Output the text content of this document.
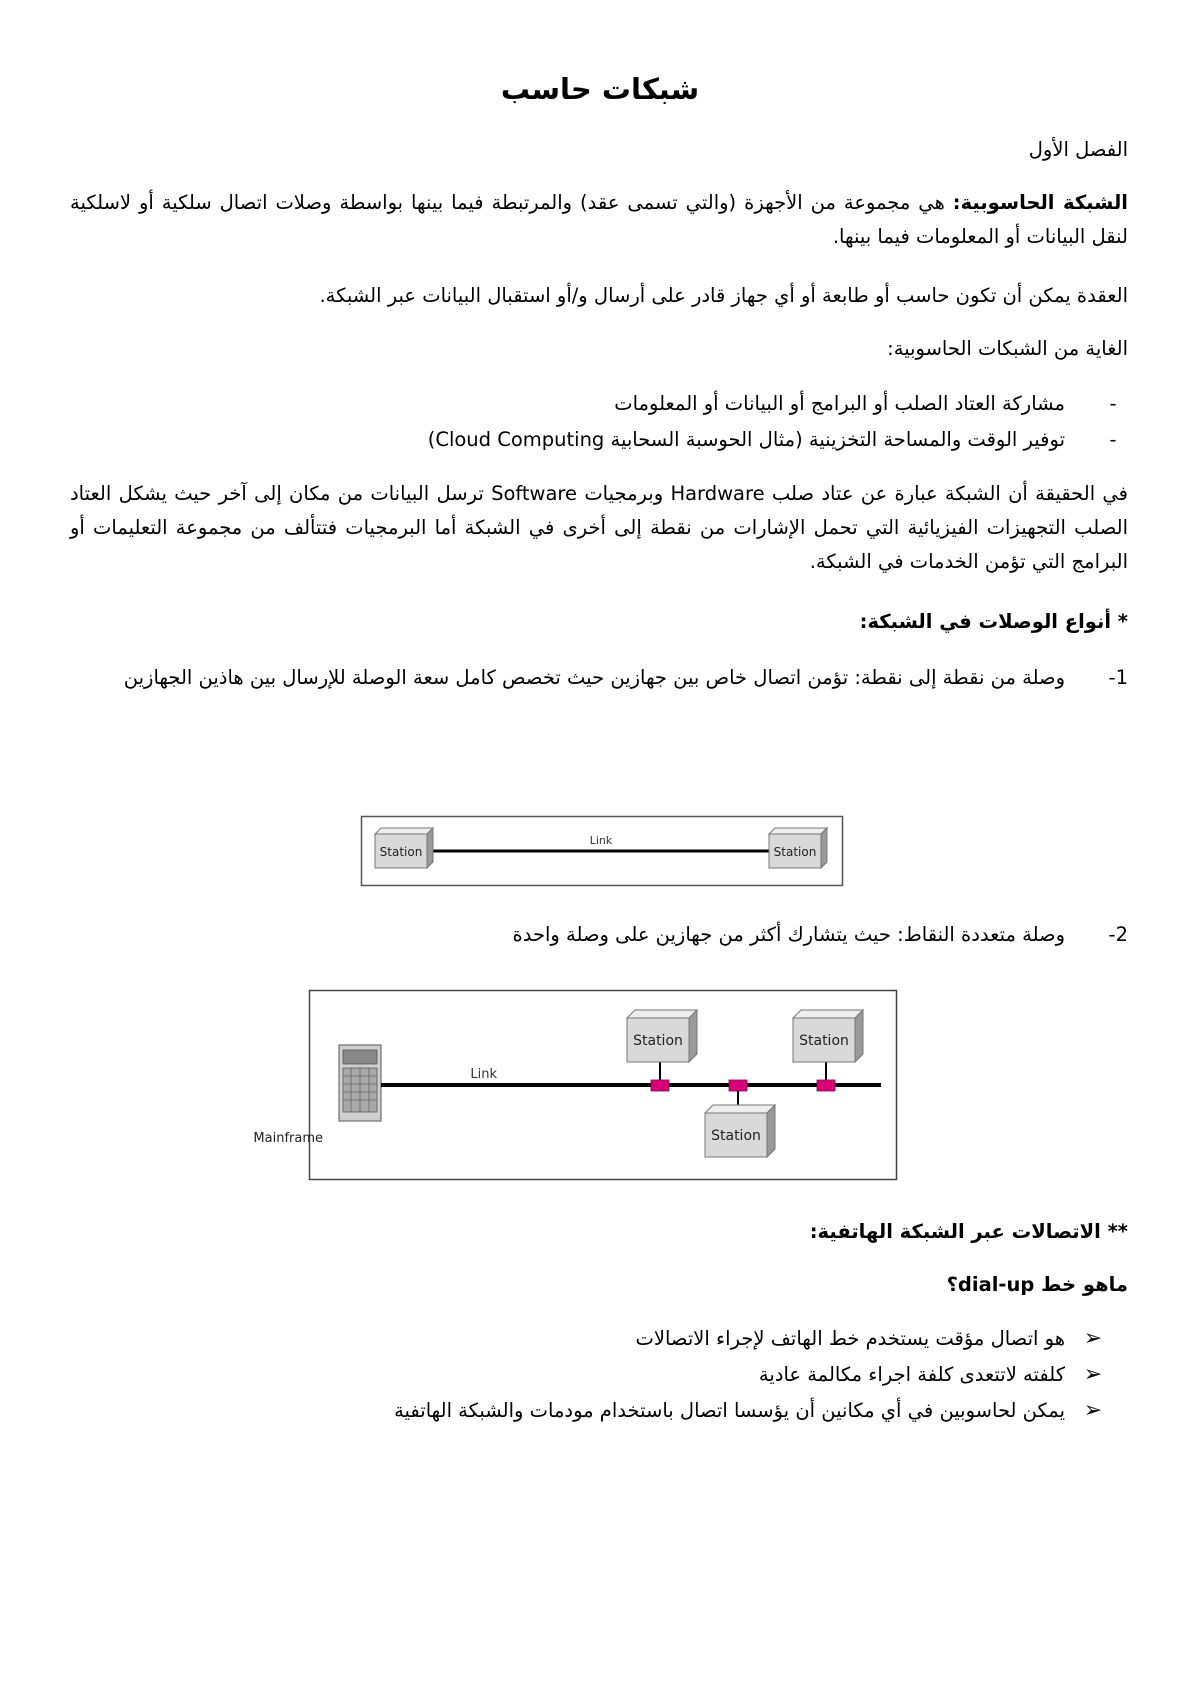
شبكات حاسب

الفصل الأول

الشبكة الحاسوبية: هي مجموعة من الأجهزة (والتي تسمى عقد) والمرتبطة فيما بينها بواسطة وصلات اتصال سلكية أو لاسلكية لنقل البيانات أو المعلومات فيما بينها.

العقدة يمكن أن تكون حاسب أو طابعة أو أي جهاز قادر على أرسال و/أو استقبال البيانات عبر الشبكة.

الغاية من الشبكات الحاسوبية:

-
مشاركة العتاد الصلب أو البرامج أو البيانات أو المعلومات
-
توفير الوقت والمساحة التخزينية (مثال الحوسبة السحابية Cloud Computing)

في الحقيقة أن الشبكة عبارة عن عتاد صلب Hardware وبرمجيات Software ترسل البيانات من مكان إلى آخر حيث يشكل العتاد الصلب التجهيزات الفيزيائية التي تحمل الإشارات من نقطة إلى أخرى في الشبكة أما البرمجيات فتتألف من مجموعة التعليمات أو البرامج التي تؤمن الخدمات في الشبكة.

* أنواع الوصلات في الشبكة:

-1
وصلة من نقطة إلى نقطة: تؤمن اتصال خاص بين جهازين حيث تخصص كامل سعة الوصلة للإرسال بين هاذين الجهازين
Link
Station	Station
-2
وصلة متعددة النقاط: حيث يتشارك أكثر من جهازين على وصلة واحدة
Mainframe
Link
Station	Station
Station

** الاتصالات عبر الشبكة الهاتفية:

ماهو خط dial-up؟

➢
هو اتصال مؤقت يستخدم خط الهاتف لإجراء الاتصالات
➢
كلفته لاتتعدى كلفة اجراء مكالمة عادية
➢
يمكن لحاسوبين في أي مكانين أن يؤسسا اتصال باستخدام مودمات والشبكة الهاتفية
